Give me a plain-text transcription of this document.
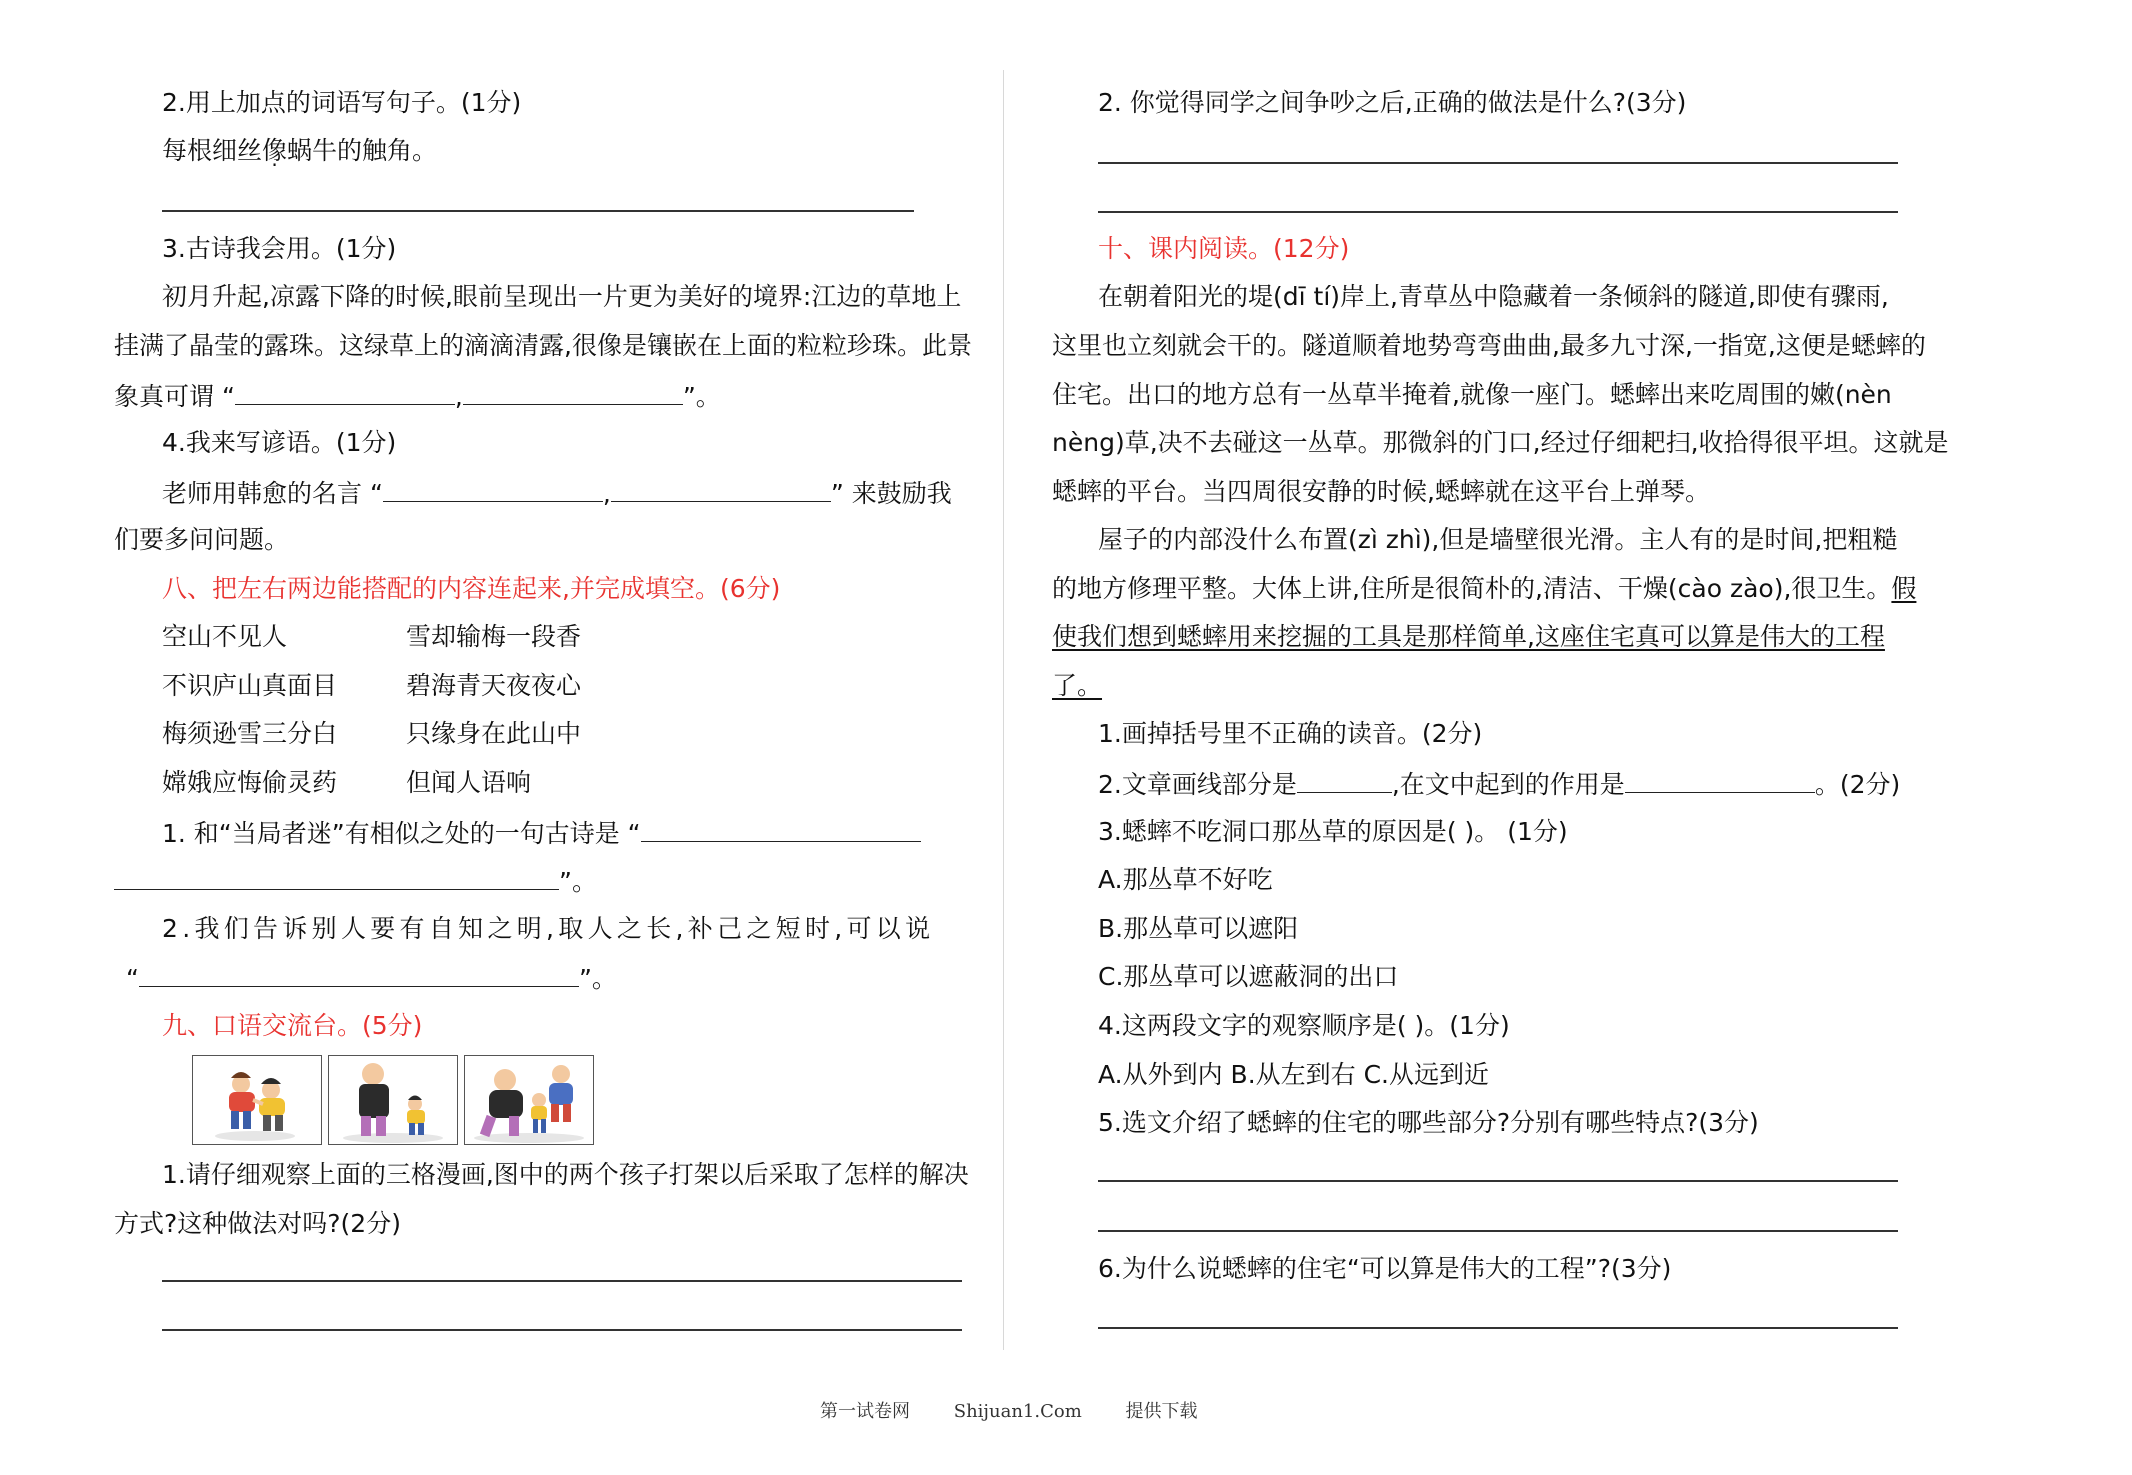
2.用上加点的词语写句子。(1分)
每根细丝像蜗牛的触角。
3.古诗我会用。(1分)
初月升起,凉露下降的时候,眼前呈现出一片更为美好的境界:江边的草地上
挂满了晶莹的露珠。这绿草上的滴滴清露,很像是镶嵌在上面的粒粒珍珠。此景
象真可谓 “	,	”。
4.我来写谚语。(1分)
老师用韩愈的名言 “	,	” 来鼓励我
们要多问问题。
八、把左右两边能搭配的内容连起来,并完成填空。(6分)
空山不见人	雪却输梅一段香
不识庐山真面目	碧海青天夜夜心
梅须逊雪三分白	只缘身在此山中
嫦娥应悔偷灵药	但闻人语响
1. 和“当局者迷”有相似之处的一句古诗是 “
”。
2.我们告诉别人要有自知之明,取人之长,补己之短时,可以说
“	”。
九、口语交流台。(5分)
1.请仔细观察上面的三格漫画,图中的两个孩子打架以后采取了怎样的解决
方式?这种做法对吗?(2分)
2. 你觉得同学之间争吵之后,正确的做法是什么?(3分)
十、课内阅读。(12分)
在朝着阳光的堤(dī tí)岸上,青草丛中隐藏着一条倾斜的隧道,即使有骤雨,
这里也立刻就会干的。隧道顺着地势弯弯曲曲,最多九寸深,一指宽,这便是蟋蟀的
住宅。出口的地方总有一丛草半掩着,就像一座门。蟋蟀出来吃周围的嫩(nèn
nèng)草,决不去碰这一丛草。那微斜的门口,经过仔细耙扫,收拾得很平坦。这就是
蟋蟀的平台。当四周很安静的时候,蟋蟀就在这平台上弹琴。
屋子的内部没什么布置(zì zhì),但是墙壁很光滑。主人有的是时间,把粗糙
的地方修理平整。大体上讲,住所是很简朴的,清洁、干燥(cào zào),很卫生。假
使我们想到蟋蟀用来挖掘的工具是那样简单,这座住宅真可以算是伟大的工程
了。
1.画掉括号里不正确的读音。(2分)
2.文章画线部分是	,在文中起到的作用是	。(2分)
3.蟋蟀不吃洞口那丛草的原因是( )。 (1分)
A.那丛草不好吃
B.那丛草可以遮阳
C.那丛草可以遮蔽洞的出口
4.这两段文字的观察顺序是( )。(1分)
A.从外到内 B.从左到右 C.从远到近
5.选文介绍了蟋蟀的住宅的哪些部分?分别有哪些特点?(3分)
6.为什么说蟋蟀的住宅“可以算是伟大的工程”?(3分)
第一试卷网 Shijuan1.Com 提供下载
